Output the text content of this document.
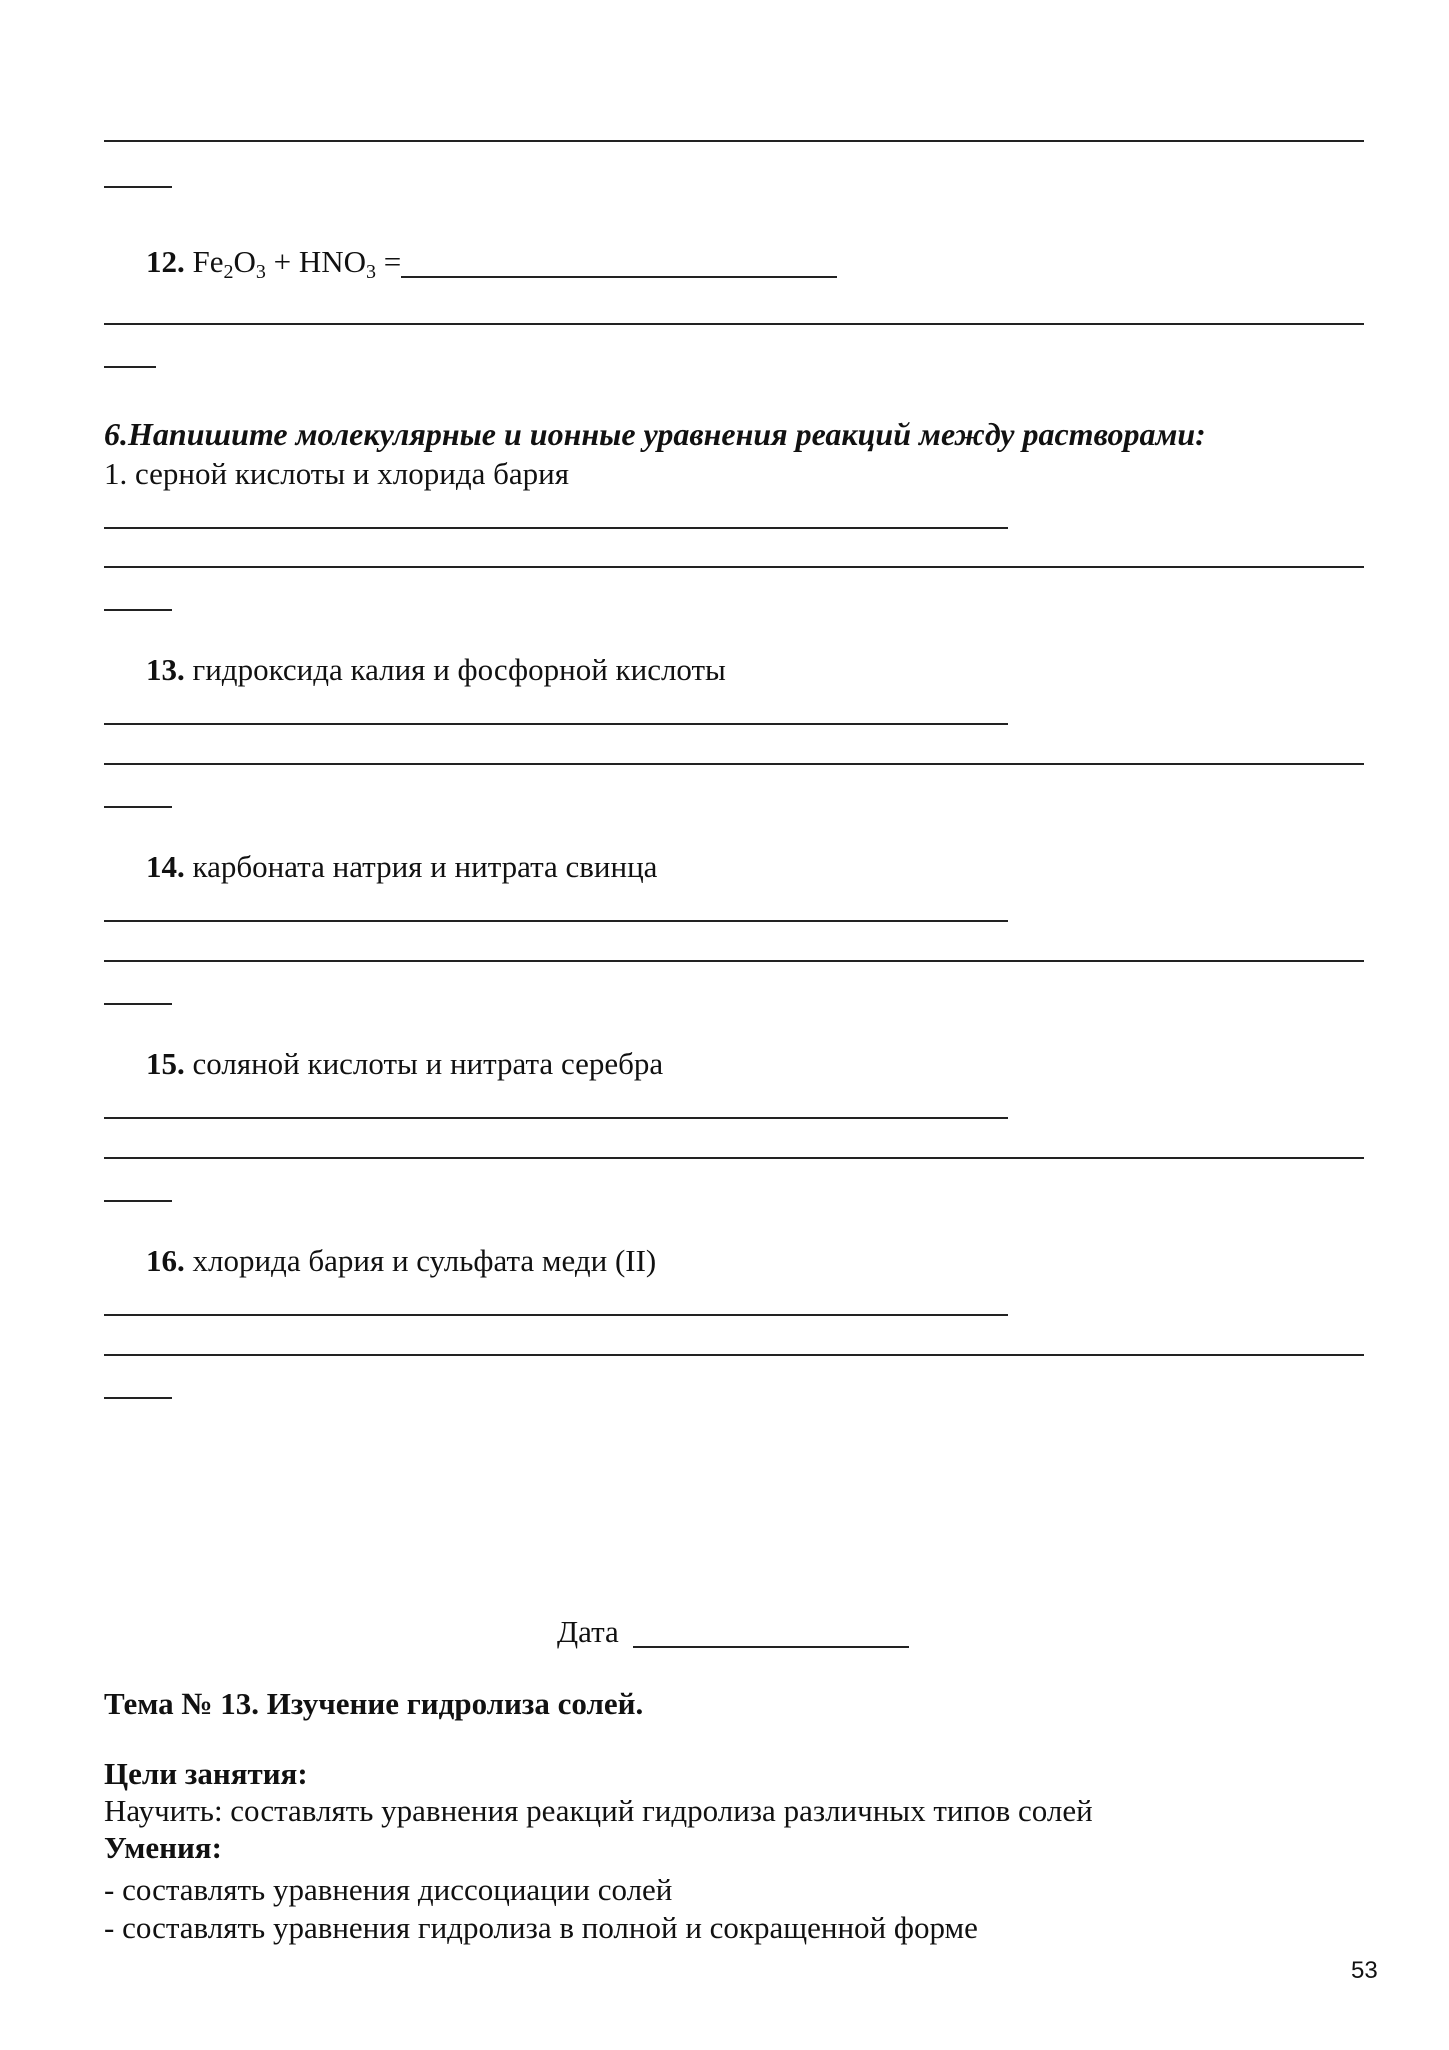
12. $Fe_2O_3 + HNO_3$ =
6.Напишите молекулярные и ионные уравнения реакций между растворами:
1. серной кислоты и хлорида бария
13. гидроксида калия и фосфорной кислоты
14. карбоната натрия и нитрата свинца
15. соляной кислоты и нитрата серебра
16. хлорида бария и сульфата меди (II)
Дата
Тема № 13. Изучение гидролиза солей.
Цели занятия:
Научить: составлять уравнения реакций гидролиза различных типов солей
Умения:
- составлять уравнения диссоциации солей
- составлять уравнения гидролиза в полной и сокращенной форме
53
